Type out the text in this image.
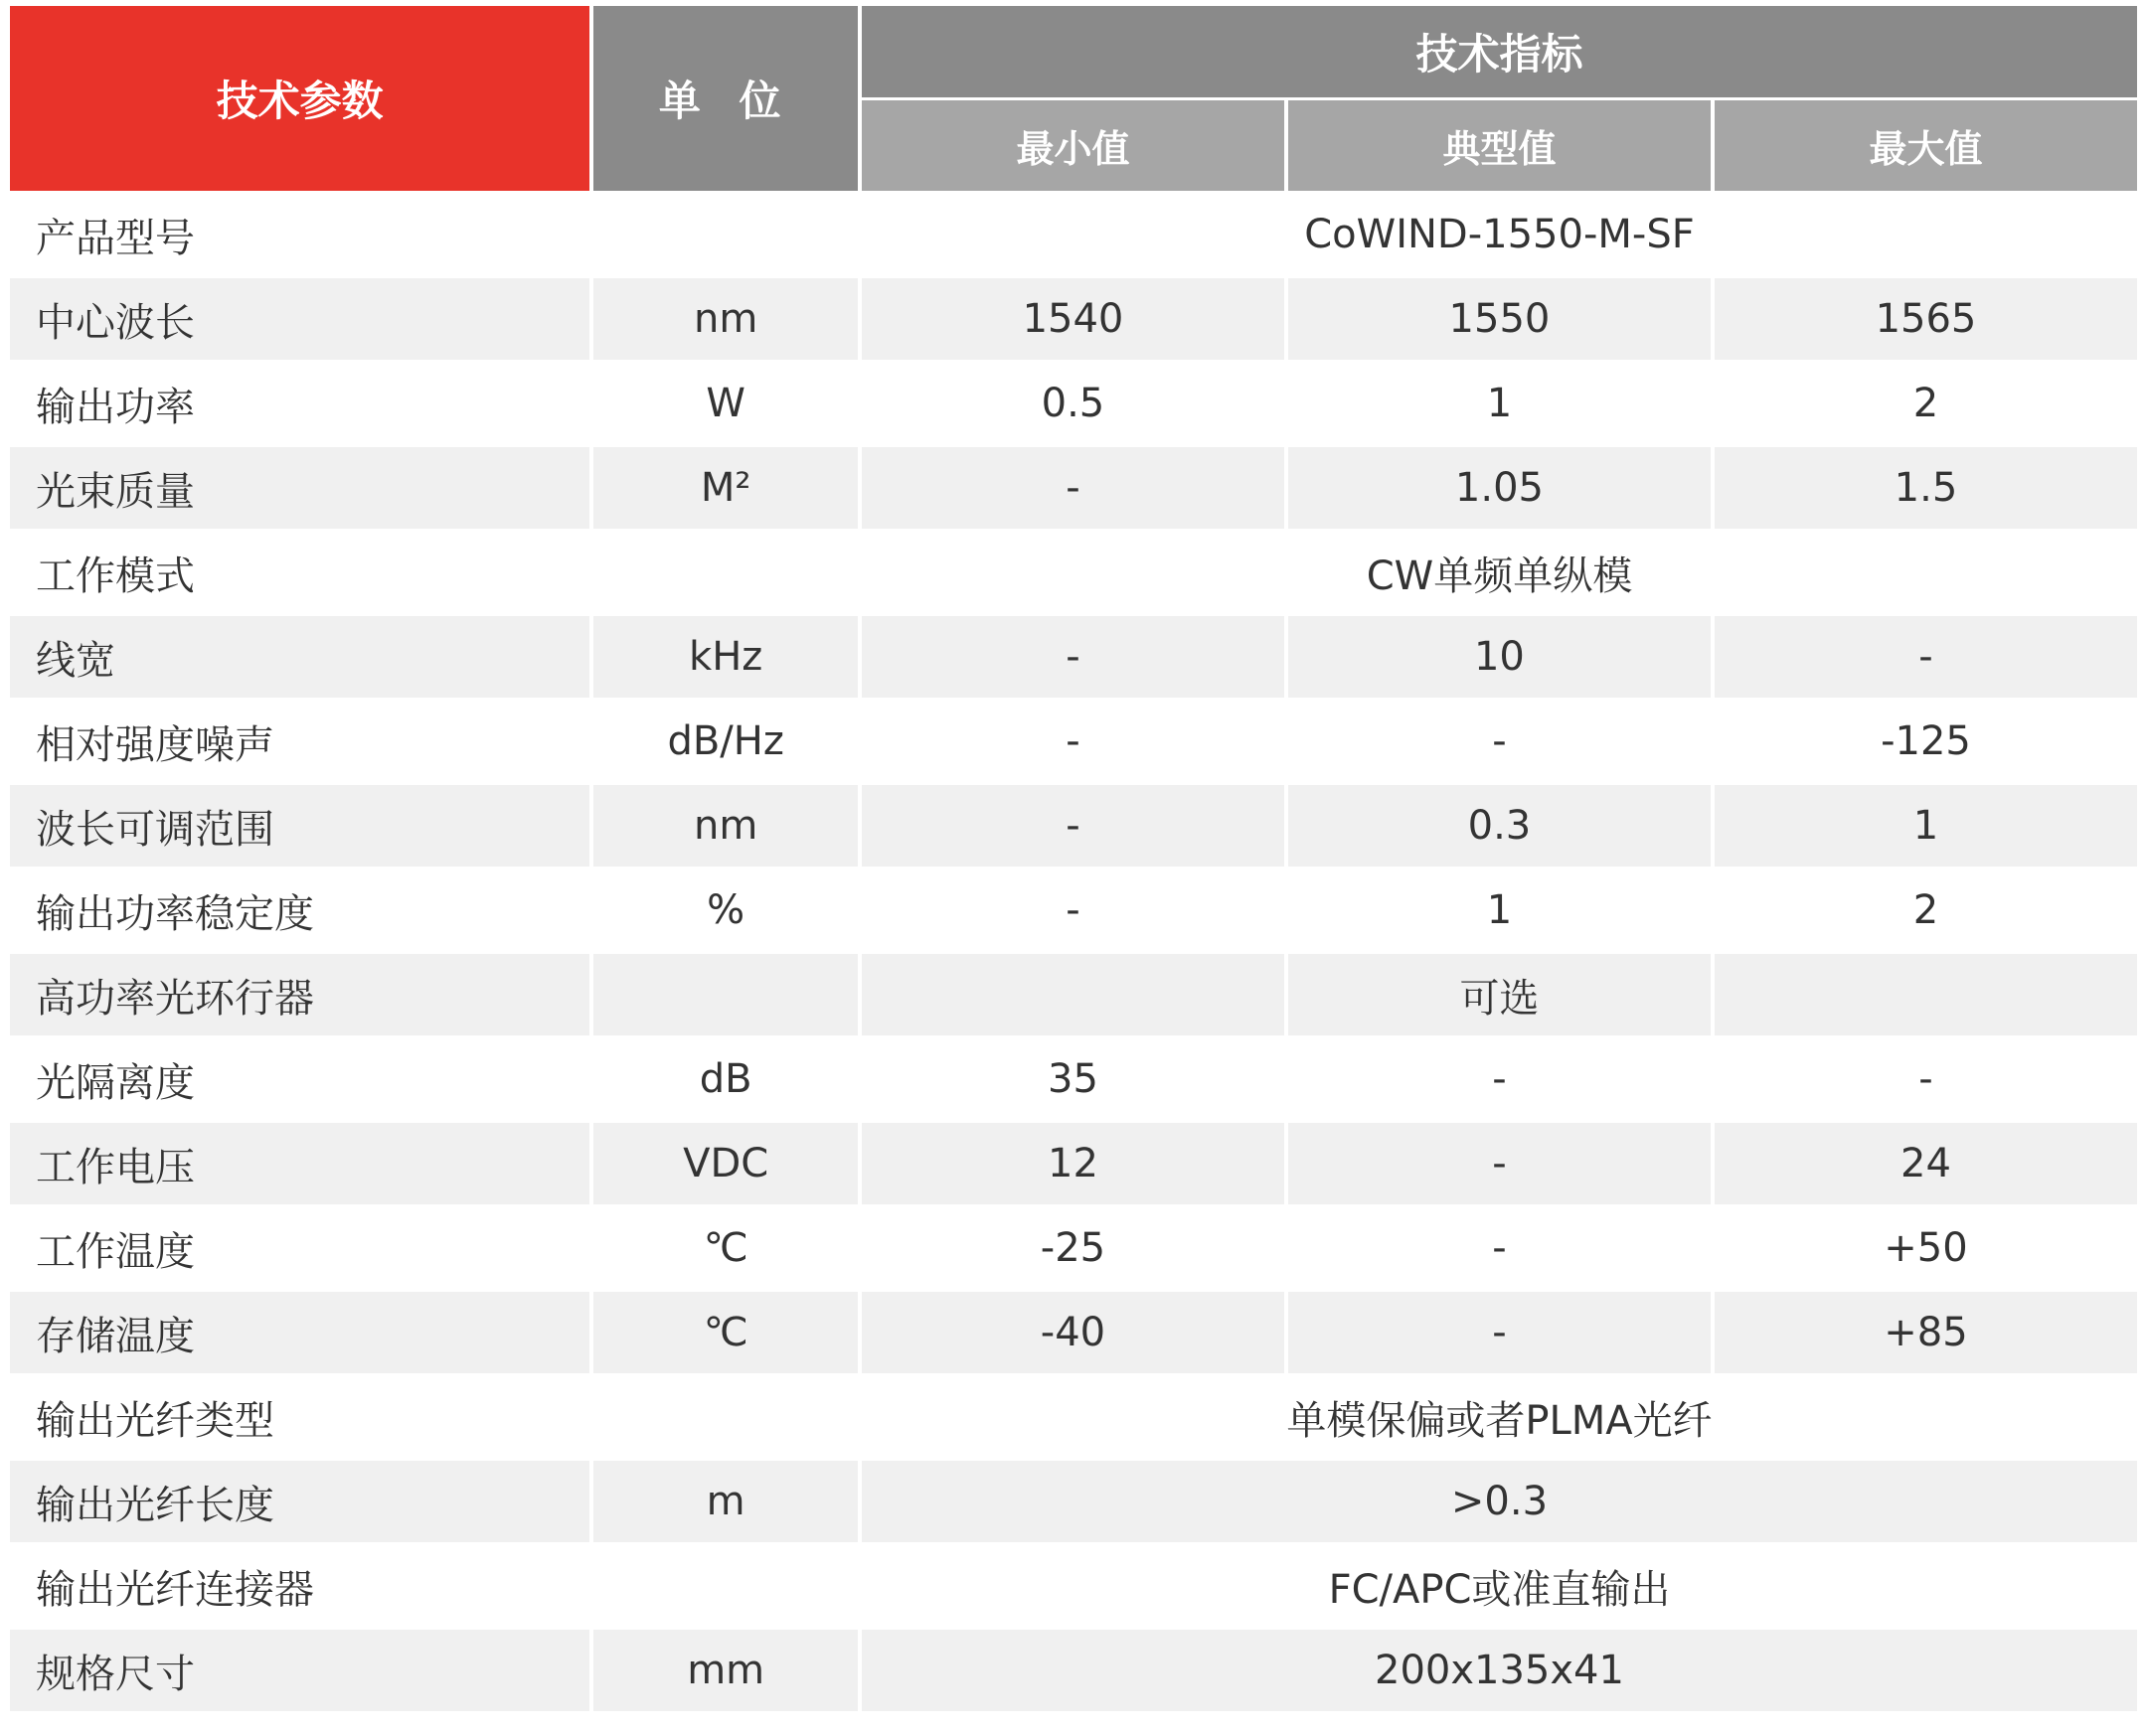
技术参数	单 位	技术指标		
		最小值	典型值	最大值
产品型号		CoWIND-1550-M-SF		
中心波长	nm	1540	1550	1565
输出功率	W	0.5	1	2
光束质量	M²	-	1.05	1.5
工作模式		CW单频单纵模		
线宽	kHz	-	10	-
相对强度噪声	dB/Hz	-	-	-125
波长可调范围	nm	-	0.3	1
输出功率稳定度	%	-	1	2
高功率光环行器			可选	
光隔离度	dB	35	-	-
工作电压	VDC	12	-	24
工作温度	℃	-25	-	+50
存储温度	℃	-40	-	+85
输出光纤类型		单模保偏或者PLMA光纤		
输出光纤长度	m	>0.3		
输出光纤连接器		FC/APC或准直输出		
规格尺寸	mm	200x135x41		
